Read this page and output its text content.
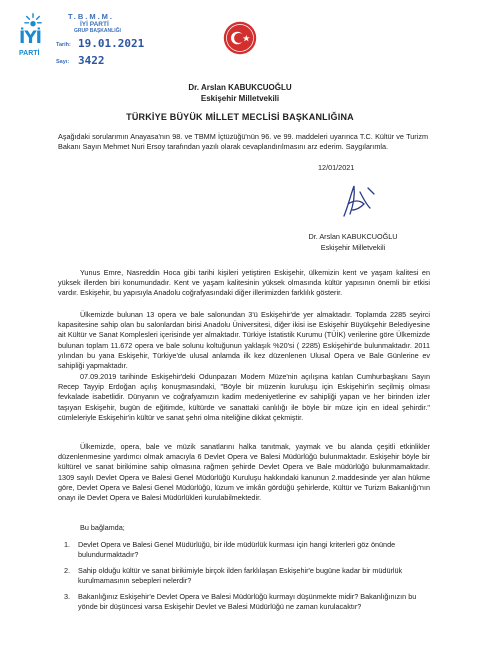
İYİ
PARTİ
T.B.M.M.
İYİ PARTİ
GRUP BAŞKANLIĞI
Tarih: 19.01.2021
Sayı: 3422
Dr. Arslan KABUKCUOĞLU
Eskişehir Milletvekili
TÜRKİYE BÜYÜK MİLLET MECLİSİ BAŞKANLIĞINA

Aşağıdaki sorularımın Anayasa'nın 98. ve TBMM İçtüzüğü'nün 96. ve 99. maddeleri uyarınca T.C. Kültür ve Turizm Bakanı Sayın Mehmet Nuri Ersoy tarafından yazılı olarak cevaplandırılmasını arz ederim. Saygılarımla.

12/01/2021
Dr. Arslan KABUKCUOĞLU
Eskişehir Milletvekili

Yunus Emre, Nasreddin Hoca gibi tarihi kişileri yetiştiren Eskişehir, ülkemizin kent ve yaşam kalitesi en yüksek illerden biri konumundadır. Kent ve yaşam kalitesinin yüksek olmasında kültür yapısının önemli bir etkisi vardır. Eskişehir, bu yapısıyla Anadolu coğrafyasındaki diğer illerimizden farklılık gösterir.

Ülkemizde bulunan 13 opera ve bale salonundan 3'ü Eskişehir'de yer almaktadır. Toplamda 2285 seyirci kapasitesine sahip olan bu salonlardan birisi Anadolu Üniversitesi, diğer ikisi ise Eskişehir Büyükşehir Belediyesine ait Kültür ve Sanat Komplesleri içerisinde yer almaktadır. Türkiye İstatistik Kurumu (TÜİK) verilerine göre Ülkemizde bulunan toplam 11.672 opera ve bale solunu koltuğunun yaklaşık %20'si ( 2285) Eskişehir'de bulunmaktadır. 2011 yılından bu yana Eskişehir, Türkiye'de ulusal anlamda ilk kez düzenlenen Ulusal Opera ve Bale Günlerine ev sahipliği yapmaktadır.

07.09.2019 tarihinde Eskişehir'deki Odunpazarı Modern Müze'nin açılışına katılan Cumhurbaşkanı Sayın Recep Tayyip Erdoğan açılış konuşmasındaki, "Böyle bir müzenin kuruluşu için Eskişehir'in seçilmiş olması fevkalade isabetlidir. Dünyanın ve coğrafyamızın kadim medeniyetlerine ev sahipliği yapan ve her birinden izler taşıyan Eskişehir, bugün de eğitimde, kültürde ve sanattaki canlılığı ile böyle bir müze için en ideal şehirdir." cümleleriyle Eskişehir'in kültür ve sanat şehri olma niteliğine dikkat çekmiştir.

Ülkemizde, opera, bale ve müzik sanatlarını halka tanıtmak, yaymak ve bu alanda çeşitli etkinlikler düzenlenmesine yardımcı olmak amacıyla 6 Devlet Opera ve Balesi Müdürlüğü bulunmaktadır. Eskişehir böyle bir kültürel ve sanat birikimine sahip olmasına rağmen şehirde Devlet Opera ve Bale müdürlüğü bulunmamaktadır. 1309 sayılı Devlet Opera ve Balesi Genel Müdürlüğü Kuruluşu hakkındaki kanunun 2.maddesinde yer alan hükme göre, Devlet Opera ve Balesi Genel Müdürlüğü, lüzum ve imkân gördüğü şehirlerde, Kültür ve Turizm Bakanlığı'nın onayı ile Devlet Opera ve Balesi Müdürlükleri kurulabilmektedir.

Bu bağlamda;

1. Devlet Opera ve Balesi Genel Müdürlüğü, bir ilde müdürlük kurması için hangi kriterleri göz önünde bulundurmaktadır?
2. Sahip olduğu kültür ve sanat birikimiyle birçok ilden farklılaşan Eskişehir'e bugüne kadar bir müdürlük kurulmamasının sebepleri nelerdir?
3. Bakanlığınız Eskişehir'e Devlet Opera ve Balesi Müdürlüğü kurmayı düşünmekte midir? Bakanlığınızın bu yönde bir düşüncesi varsa Eskişehir Devlet ve Balesi Müdürlüğü ne zaman kurulacaktır?
